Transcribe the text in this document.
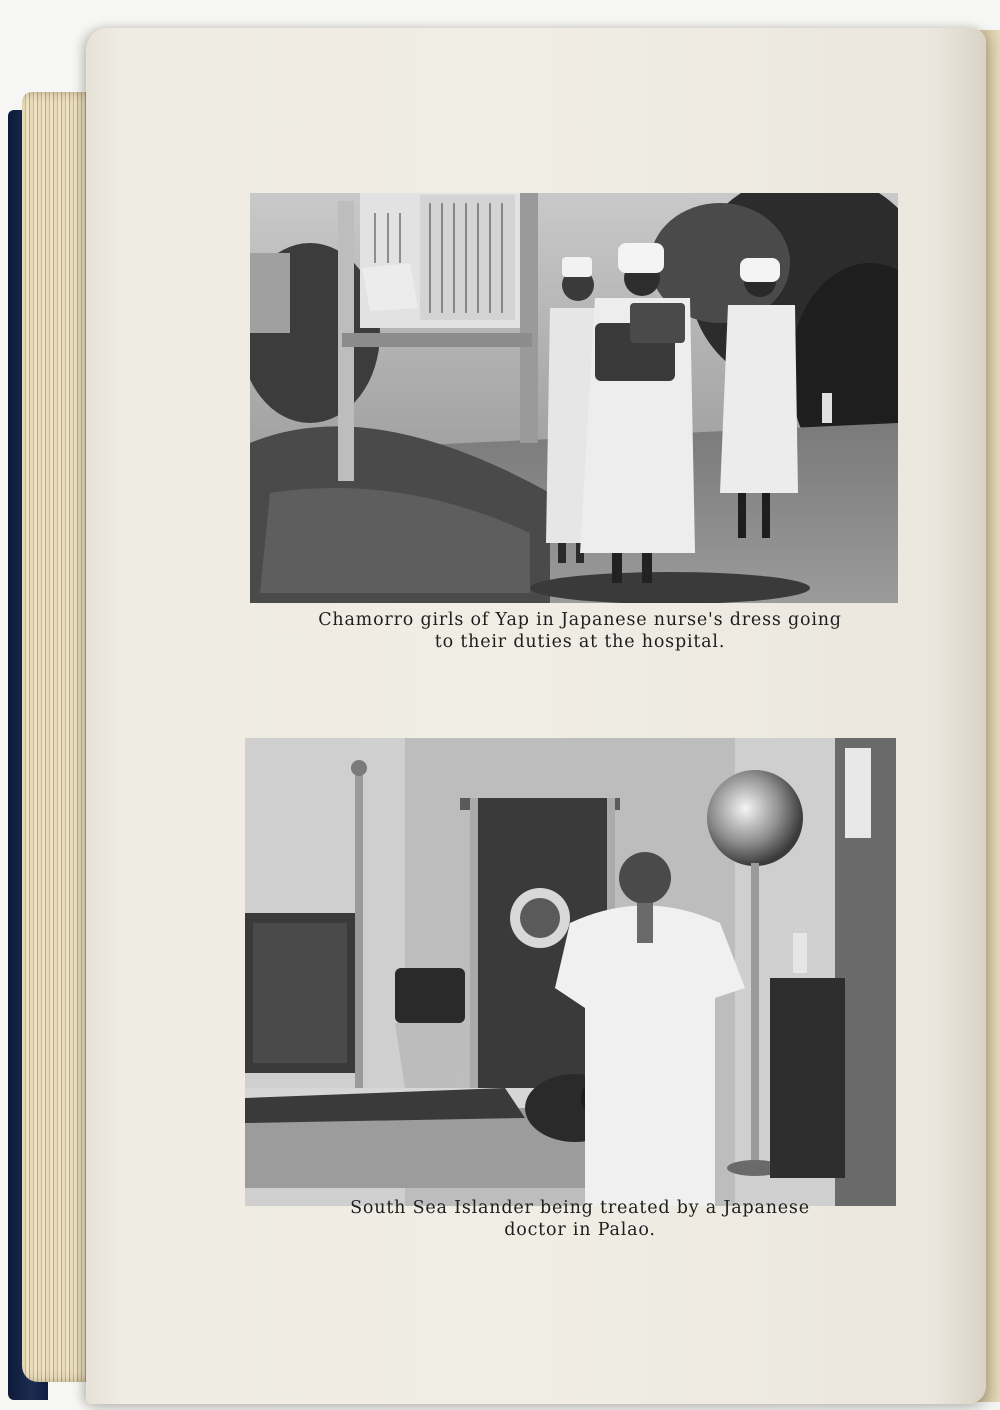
Chamorro girls of Yap in Japanese nurse's dress going
to their duties at the hospital.
South Sea Islander being treated by a Japanese
doctor in Palao.
